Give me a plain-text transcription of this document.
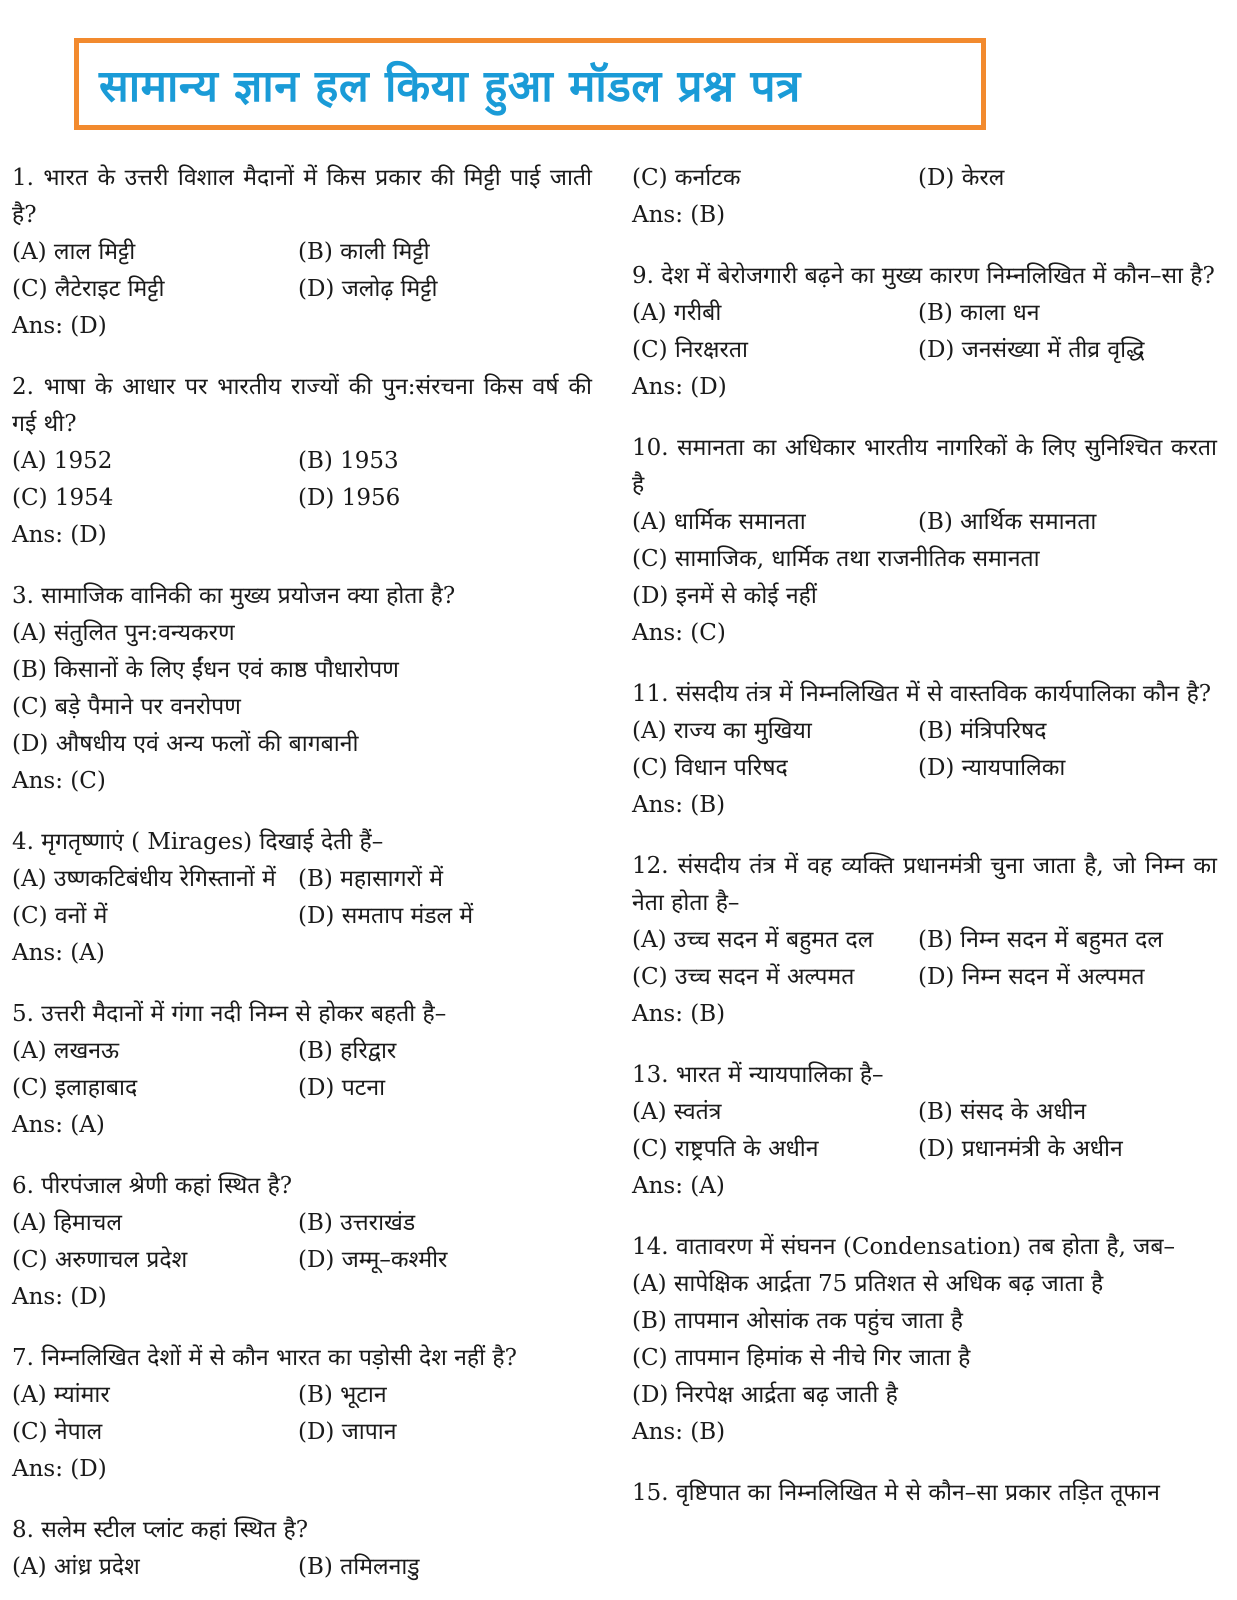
सामान्य ज्ञान हल किया हुआ मॉडल प्रश्न पत्र
1. भारत के उत्तरी विशाल मैदानों में किस प्रकार की मिट्टी पाई जाती है?
(A) लाल मिट्टी	(B) काली मिट्टी
(C) लैटेराइट मिट्टी	(D) जलोढ़ मिट्टी
Ans: (D)
2. भाषा के आधार पर भारतीय राज्यों की पुन:संरचना किस वर्ष की गई थी?
(A) 1952	(B) 1953
(C) 1954	(D) 1956
Ans: (D)
3. सामाजिक वानिकी का मुख्य प्रयोजन क्या होता है?
(A) संतुलित पुन:वन्यकरण
(B) किसानों के लिए ईंधन एवं काष्ठ पौधारोपण
(C) बड़े पैमाने पर वनरोपण
(D) औषधीय एवं अन्य फलों की बागबानी
Ans: (C)
4. मृगतृष्णाएं ( Mirages) दिखाई देती हैं–
(A) उष्णकटिबंधीय रेगिस्तानों में (B) महासागरों में
(C) वनों में	(D) समताप मंडल में
Ans: (A)
5. उत्तरी मैदानों में गंगा नदी निम्न से होकर बहती है–
(A) लखनऊ	(B) हरिद्वार
(C) इलाहाबाद	(D) पटना
Ans: (A)
6. पीरपंजाल श्रेणी कहां स्थित है?
(A) हिमाचल	(B) उत्तराखंड
(C) अरुणाचल प्रदेश	(D) जम्मू–कश्मीर
Ans: (D)
7. निम्नलिखित देशों में से कौन भारत का पड़ोसी देश नहीं है?
(A) म्यांमार	(B) भूटान
(C) नेपाल	(D) जापान
Ans: (D)
8. सलेम स्टील प्लांट कहां स्थित है?
(A) आंध्र प्रदेश	(B) तमिलनाडु
(C) कर्नाटक	(D) केरल
Ans: (B)
9. देश में बेरोजगारी बढ़ने का मुख्य कारण निम्नलिखित में कौन–सा है?
(A) गरीबी	(B) काला धन
(C) निरक्षरता	(D) जनसंख्या में तीव्र वृद्धि
Ans: (D)
10. समानता का अधिकार भारतीय नागरिकों के लिए सुनिश्चित करता है
(A) धार्मिक समानता	(B) आर्थिक समानता
(C) सामाजिक, धार्मिक तथा राजनीतिक समानता
(D) इनमें से कोई नहीं
Ans: (C)
11. संसदीय तंत्र में निम्नलिखित में से वास्तविक कार्यपालिका कौन है?
(A) राज्य का मुखिया	(B) मंत्रिपरिषद
(C) विधान परिषद	(D) न्यायपालिका
Ans: (B)
12. संसदीय तंत्र में वह व्यक्ति प्रधानमंत्री चुना जाता है, जो निम्न का नेता होता है–
(A) उच्च सदन में बहुमत दल	(B) निम्न सदन में बहुमत दल
(C) उच्च सदन में अल्पमत	(D) निम्न सदन में अल्पमत
Ans: (B)
13. भारत में न्यायपालिका है–
(A) स्वतंत्र	(B) संसद के अधीन
(C) राष्ट्रपति के अधीन	(D) प्रधानमंत्री के अधीन
Ans: (A)
14. वातावरण में संघनन (Condensation) तब होता है, जब–
(A) सापेक्षिक आर्द्रता 75 प्रतिशत से अधिक बढ़ जाता है
(B) तापमान ओसांक तक पहुंच जाता है
(C) तापमान हिमांक से नीचे गिर जाता है
(D) निरपेक्ष आर्द्रता बढ़ जाती है
Ans: (B)
15. वृष्टिपात का निम्नलिखित मे से कौन–सा प्रकार तड़ित तूफान
